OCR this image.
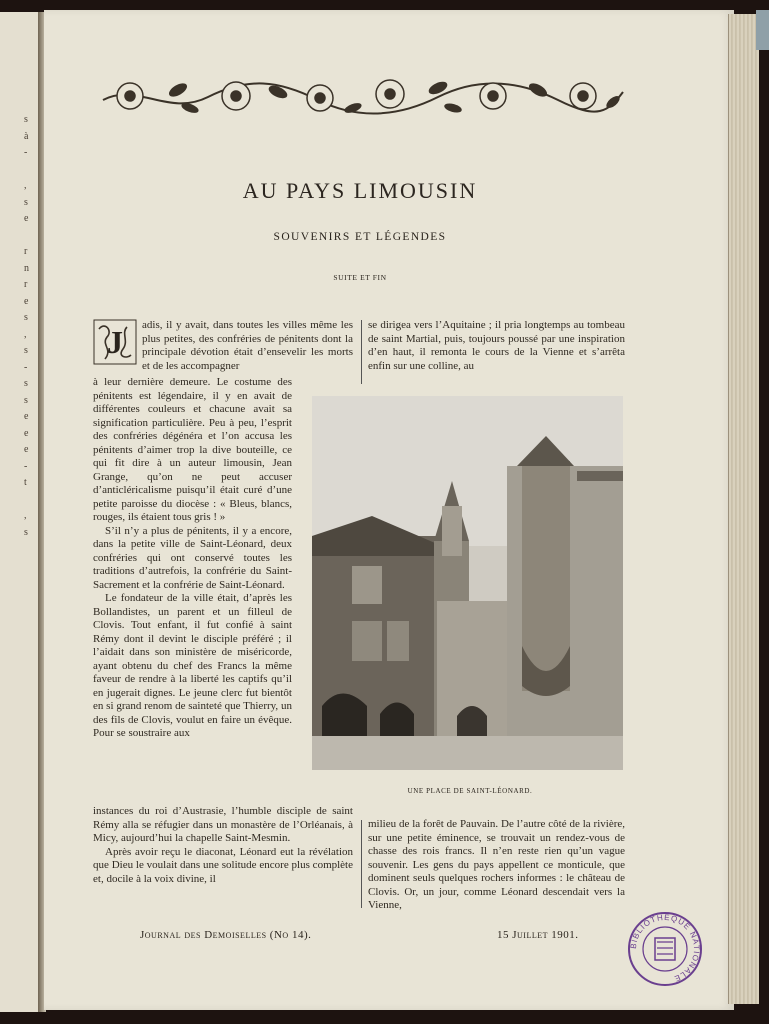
s
à
-

,
s
e

r
n
r
e
s
,
s
-
s
s
e
e
e
-
t

,
s
AU PAYS LIMOUSIN
SOUVENIRS ET LÉGENDES
SUITE ET FIN
J	adis, il y avait, dans toutes les villes même les plus petites, des confréries de pénitents dont la principale dévotion était d’ensevelir les morts et de les accompagner

à leur dernière demeure. Le costume des pénitents est légendaire, il y en avait de différentes couleurs et chacune avait sa signification particulière. Peu à peu, l’esprit des confréries dégénéra et l’on accusa les pénitents d’aimer trop la dive bouteille, ce qui fit dire à un auteur limousin, Jean Grange, qu’on ne peut accuser d’anticléricalisme puisqu’il était curé d’une petite paroisse du diocèse : « Bleus, blancs, rouges, ils étaient tous gris ! »

S’il n’y a plus de pénitents, il y a encore, dans la petite ville de Saint-Léonard, deux confréries qui ont conservé toutes les traditions d’autrefois, la confrérie du Saint-Sacrement et la confrérie de Saint-Léonard.

Le fondateur de la ville était, d’après les Bollandistes, un parent et un filleul de Clovis. Tout enfant, il fut confié à saint Rémy dont il devint le disciple préféré ; il l’aidait dans son ministère de miséricorde, ayant obtenu du chef des Francs la même faveur de rendre à la liberté les captifs qu’il en jugerait dignes. Le jeune clerc fut bientôt en si grand renom de sainteté que Thierry, un des fils de Clovis, voulut en faire un évêque. Pour se soustraire aux

se dirigea vers l’Aquitaine ; il pria longtemps au tombeau de saint Martial, puis, toujours poussé par une inspiration d’en haut, il remonta le cours de la Vienne et s’arrêta enfin sur une colline, au

UNE PLACE DE SAINT-LÉONARD.

instances du roi d’Austrasie, l’humble disciple de saint Rémy alla se réfugier dans un monastère de l’Orléanais, à Micy, aujourd’hui la chapelle Saint-Mesmin.

Après avoir reçu le diaconat, Léonard eut la révélation que Dieu le voulait dans une solitude encore plus complète et, docile à la voix divine, il

milieu de la forêt de Pauvain. De l’autre côté de la rivière, sur une petite éminence, se trouvait un rendez-vous de chasse des rois francs. Il n’en reste rien qu’un vague souvenir. Les gens du pays appellent ce monticule, que dominent seuls quelques rochers informes : le château de Clovis. Or, un jour, comme Léonard descendait vers la Vienne,

Journal des Demoiselles (No 14).	15 Juillet 1901.
BIBLIOTHÈQUE NATIONALE
